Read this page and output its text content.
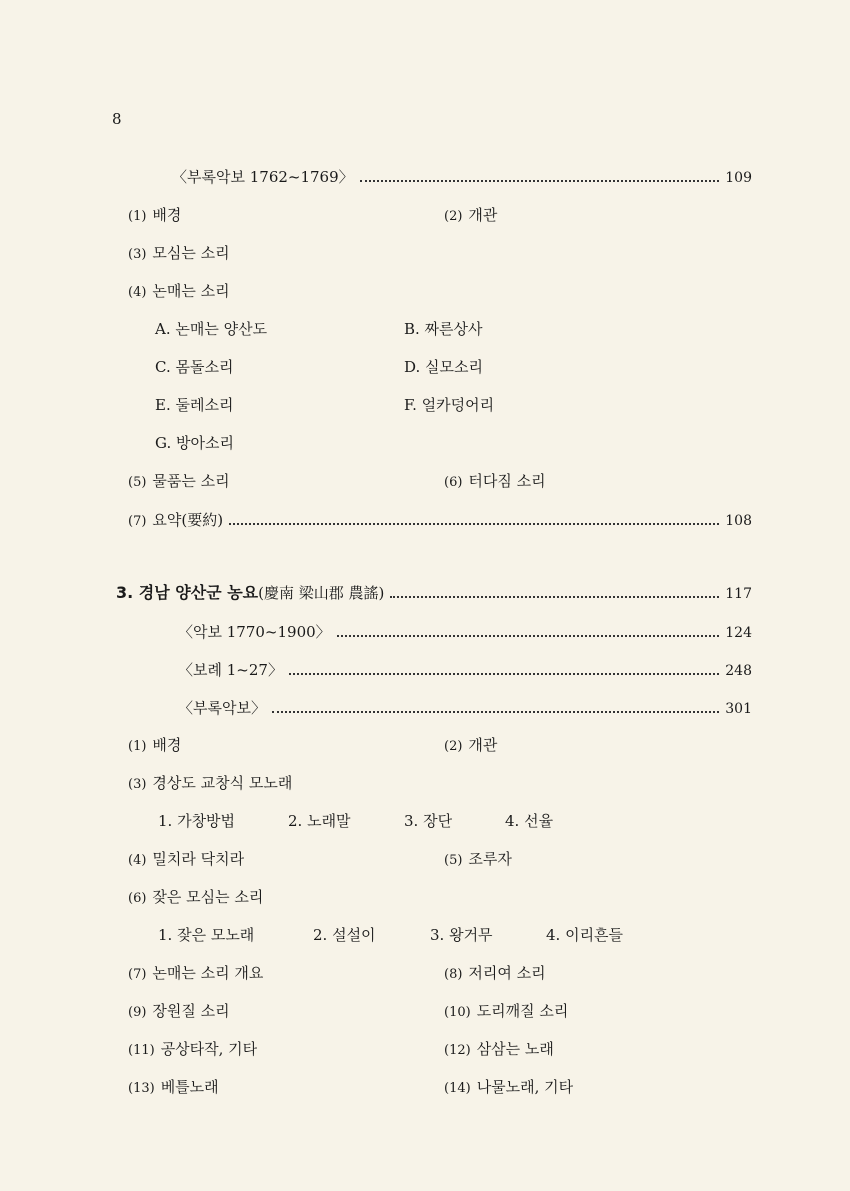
8
〈부록악보 1762~1769〉	109
(1) 배경	(2) 개관
(3) 모심는 소리
(4) 논매는 소리
A. 논매는 양산도	B. 짜른상사
C. 몸돌소리	D. 실모소리
E. 둘레소리	F. 얼카덩어리
G. 방아소리
(5) 물품는 소리	(6) 터다짐 소리
(7) 요약(要約)	108
3. 경남 양산군 농요(慶南 梁山郡 農謠)	117
〈악보 1770~1900〉	124
〈보례 1~27〉	248
〈부록악보〉	301
(1) 배경	(2) 개관
(3) 경상도 교창식 모노래
1. 가창방법	2. 노래말	3. 장단	4. 선율
(4) 밀치라 닥치라	(5) 조루자
(6) 잦은 모심는 소리
1. 잦은 모노래	2. 설설이	3. 왕거무	4. 이리흔들
(7) 논매는 소리 개요	(8) 저리여 소리
(9) 장원질 소리	(10) 도리깨질 소리
(11) 공상타작, 기타	(12) 삼삼는 노래
(13) 베틀노래	(14) 나물노래, 기타
